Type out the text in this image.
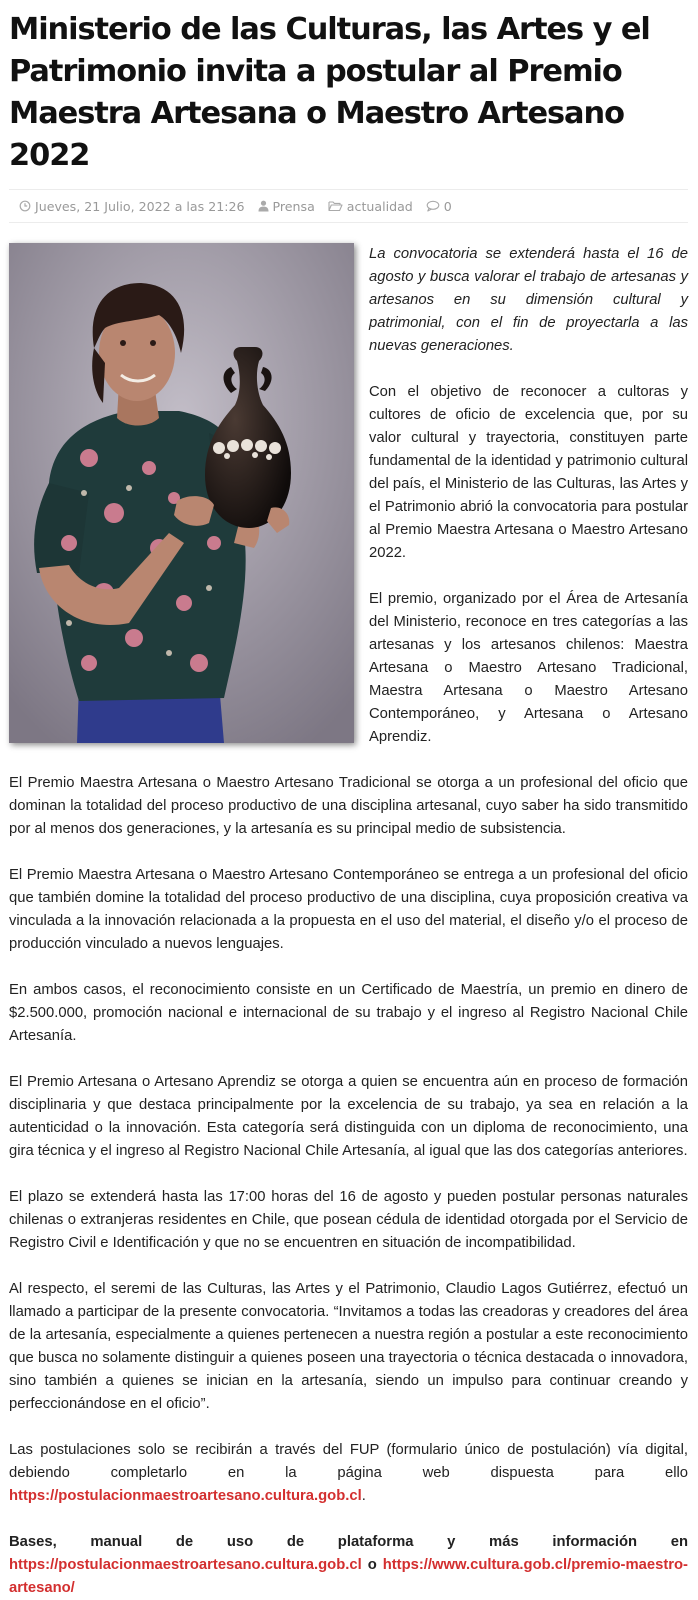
Ministerio de las Culturas, las Artes y el Patrimonio invita a postular al Premio Maestra Artesana o Maestro Artesano 2022
Jueves, 21 Julio, 2022 a las 21:26 Prensa	actualidad 0

La convocatoria se extenderá hasta el 16 de agosto y busca valorar el trabajo de artesanas y artesanos en su dimensión cultural y patrimonial, con el fin de proyectarla a las nuevas generaciones.

Con el objetivo de reconocer a cultoras y cultores de oficio de excelencia que, por su valor cultural y trayectoria, constituyen parte fundamental de la identidad y patrimonio cultural del país, el Ministerio de las Culturas, las Artes y el Patrimonio abrió la convocatoria para postular al Premio Maestra Artesana o Maestro Artesano 2022.

El premio, organizado por el Área de Artesanía del Ministerio, reconoce en tres categorías a las artesanas y los artesanos chilenos: Maestra Artesana o Maestro Artesano Tradicional, Maestra Artesana o Maestro Artesano Contemporáneo, y Artesana o Artesano Aprendiz.

El Premio Maestra Artesana o Maestro Artesano Tradicional se otorga a un profesional del oficio que dominan la totalidad del proceso productivo de una disciplina artesanal, cuyo saber ha sido transmitido por al menos dos generaciones, y la artesanía es su principal medio de subsistencia.

El Premio Maestra Artesana o Maestro Artesano Contemporáneo se entrega a un profesional del oficio que también domine la totalidad del proceso productivo de una disciplina, cuya proposición creativa va vinculada a la innovación relacionada a la propuesta en el uso del material, el diseño y/o el proceso de producción vinculado a nuevos lenguajes.

En ambos casos, el reconocimiento consiste en un Certificado de Maestría, un premio en dinero de $2.500.000, promoción nacional e internacional de su trabajo y el ingreso al Registro Nacional Chile Artesanía.

El Premio Artesana o Artesano Aprendiz se otorga a quien se encuentra aún en proceso de formación disciplinaria y que destaca principalmente por la excelencia de su trabajo, ya sea en relación a la autenticidad o la innovación. Esta categoría será distinguida con un diploma de reconocimiento, una gira técnica y el ingreso al Registro Nacional Chile Artesanía, al igual que las dos categorías anteriores.

El plazo se extenderá hasta las 17:00 horas del 16 de agosto y pueden postular personas naturales chilenas o extranjeras residentes en Chile, que posean cédula de identidad otorgada por el Servicio de Registro Civil e Identificación y que no se encuentren en situación de incompatibilidad.

Al respecto, el seremi de las Culturas, las Artes y el Patrimonio, Claudio Lagos Gutiérrez, efectuó un llamado a participar de la presente convocatoria. “Invitamos a todas las creadoras y creadores del área de la artesanía, especialmente a quienes pertenecen a nuestra región a postular a este reconocimiento que busca no solamente distinguir a quienes poseen una trayectoria o técnica destacada o innovadora, sino también a quienes se inician en la artesanía, siendo un impulso para continuar creando y perfeccionándose en el oficio”.

Las postulaciones solo se recibirán a través del FUP (formulario único de postulación) vía digital, debiendo completarlo en la página web dispuesta para ello https://postulacionmaestroartesano.cultura.gob.cl.

Bases, manual de uso de plataforma y más información en https://postulacionmaestroartesano.cultura.gob.cl o https://www.cultura.gob.cl/premio-maestro-artesano/
